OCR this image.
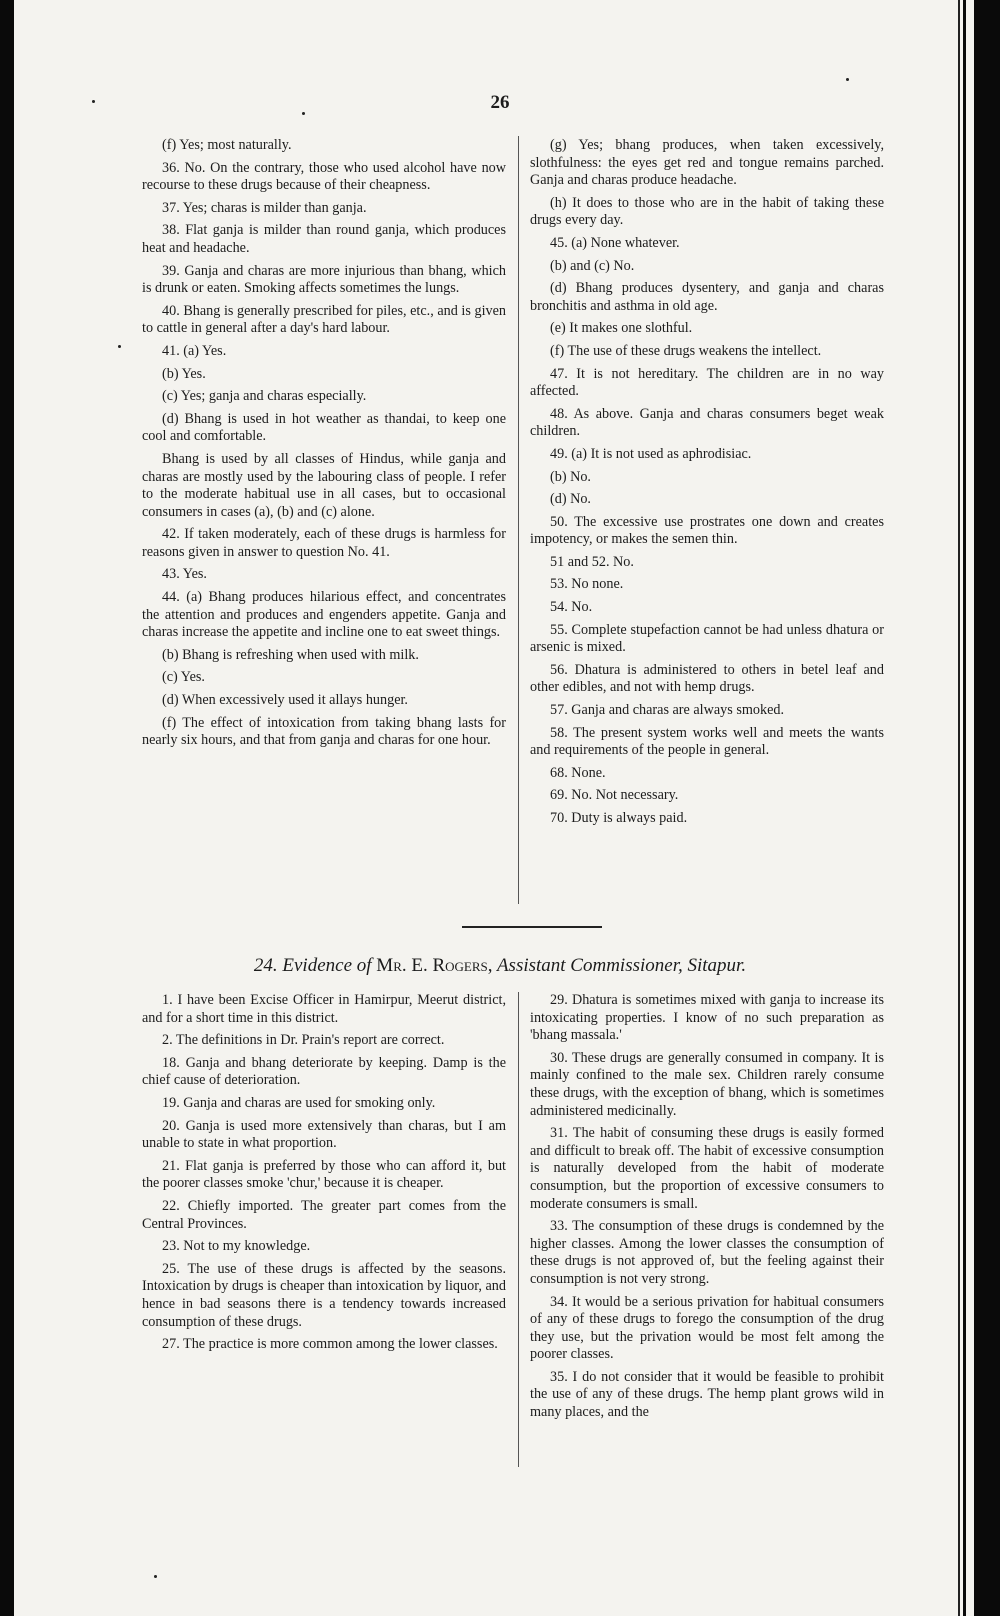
26

(f) Yes; most naturally.

36. No. On the contrary, those who used alcohol have now recourse to these drugs because of their cheapness.

37. Yes; charas is milder than ganja.

38. Flat ganja is milder than round ganja, which produces heat and headache.

39. Ganja and charas are more injurious than bhang, which is drunk or eaten. Smoking affects sometimes the lungs.

40. Bhang is generally prescribed for piles, etc., and is given to cattle in general after a day's hard labour.

41. (a) Yes.

(b) Yes.

(c) Yes; ganja and charas especially.

(d) Bhang is used in hot weather as thandai, to keep one cool and comfortable.

Bhang is used by all classes of Hindus, while ganja and charas are mostly used by the labouring class of people. I refer to the moderate habitual use in all cases, but to occasional consumers in cases (a), (b) and (c) alone.

42. If taken moderately, each of these drugs is harmless for reasons given in answer to question No. 41.

43. Yes.

44. (a) Bhang produces hilarious effect, and concentrates the attention and produces and engenders appetite. Ganja and charas increase the appetite and incline one to eat sweet things.

(b) Bhang is refreshing when used with milk.

(c) Yes.

(d) When excessively used it allays hunger.

(f) The effect of intoxication from taking bhang lasts for nearly six hours, and that from ganja and charas for one hour.

(g) Yes; bhang produces, when taken excessively, slothfulness: the eyes get red and tongue remains parched. Ganja and charas produce headache.

(h) It does to those who are in the habit of taking these drugs every day.

45. (a) None whatever.

(b) and (c) No.

(d) Bhang produces dysentery, and ganja and charas bronchitis and asthma in old age.

(e) It makes one slothful.

(f) The use of these drugs weakens the intellect.

47. It is not hereditary. The children are in no way affected.

48. As above. Ganja and charas consumers beget weak children.

49. (a) It is not used as aphrodisiac.

(b) No.

(d) No.

50. The excessive use prostrates one down and creates impotency, or makes the semen thin.

51 and 52. No.

53. No none.

54. No.

55. Complete stupefaction cannot be had unless dhatura or arsenic is mixed.

56. Dhatura is administered to others in betel leaf and other edibles, and not with hemp drugs.

57. Ganja and charas are always smoked.

58. The present system works well and meets the wants and requirements of the people in general.

68. None.

69. No. Not necessary.

70. Duty is always paid.

24. Evidence of Mr. E. Rogers, Assistant Commissioner, Sitapur.

1. I have been Excise Officer in Hamirpur, Meerut district, and for a short time in this district.

2. The definitions in Dr. Prain's report are correct.

18. Ganja and bhang deteriorate by keeping. Damp is the chief cause of deterioration.

19. Ganja and charas are used for smoking only.

20. Ganja is used more extensively than charas, but I am unable to state in what proportion.

21. Flat ganja is preferred by those who can afford it, but the poorer classes smoke 'chur,' because it is cheaper.

22. Chiefly imported. The greater part comes from the Central Provinces.

23. Not to my knowledge.

25. The use of these drugs is affected by the seasons. Intoxication by drugs is cheaper than intoxication by liquor, and hence in bad seasons there is a tendency towards increased consumption of these drugs.

27. The practice is more common among the lower classes.

29. Dhatura is sometimes mixed with ganja to increase its intoxicating properties. I know of no such preparation as 'bhang massala.'

30. These drugs are generally consumed in company. It is mainly confined to the male sex. Children rarely consume these drugs, with the exception of bhang, which is sometimes administered medicinally.

31. The habit of consuming these drugs is easily formed and difficult to break off. The habit of excessive consumption is naturally developed from the habit of moderate consumption, but the proportion of excessive consumers to moderate consumers is small.

33. The consumption of these drugs is condemned by the higher classes. Among the lower classes the consumption of these drugs is not approved of, but the feeling against their consumption is not very strong.

34. It would be a serious privation for habitual consumers of any of these drugs to forego the consumption of the drug they use, but the privation would be most felt among the poorer classes.

35. I do not consider that it would be feasible to prohibit the use of any of these drugs. The hemp plant grows wild in many places, and the
